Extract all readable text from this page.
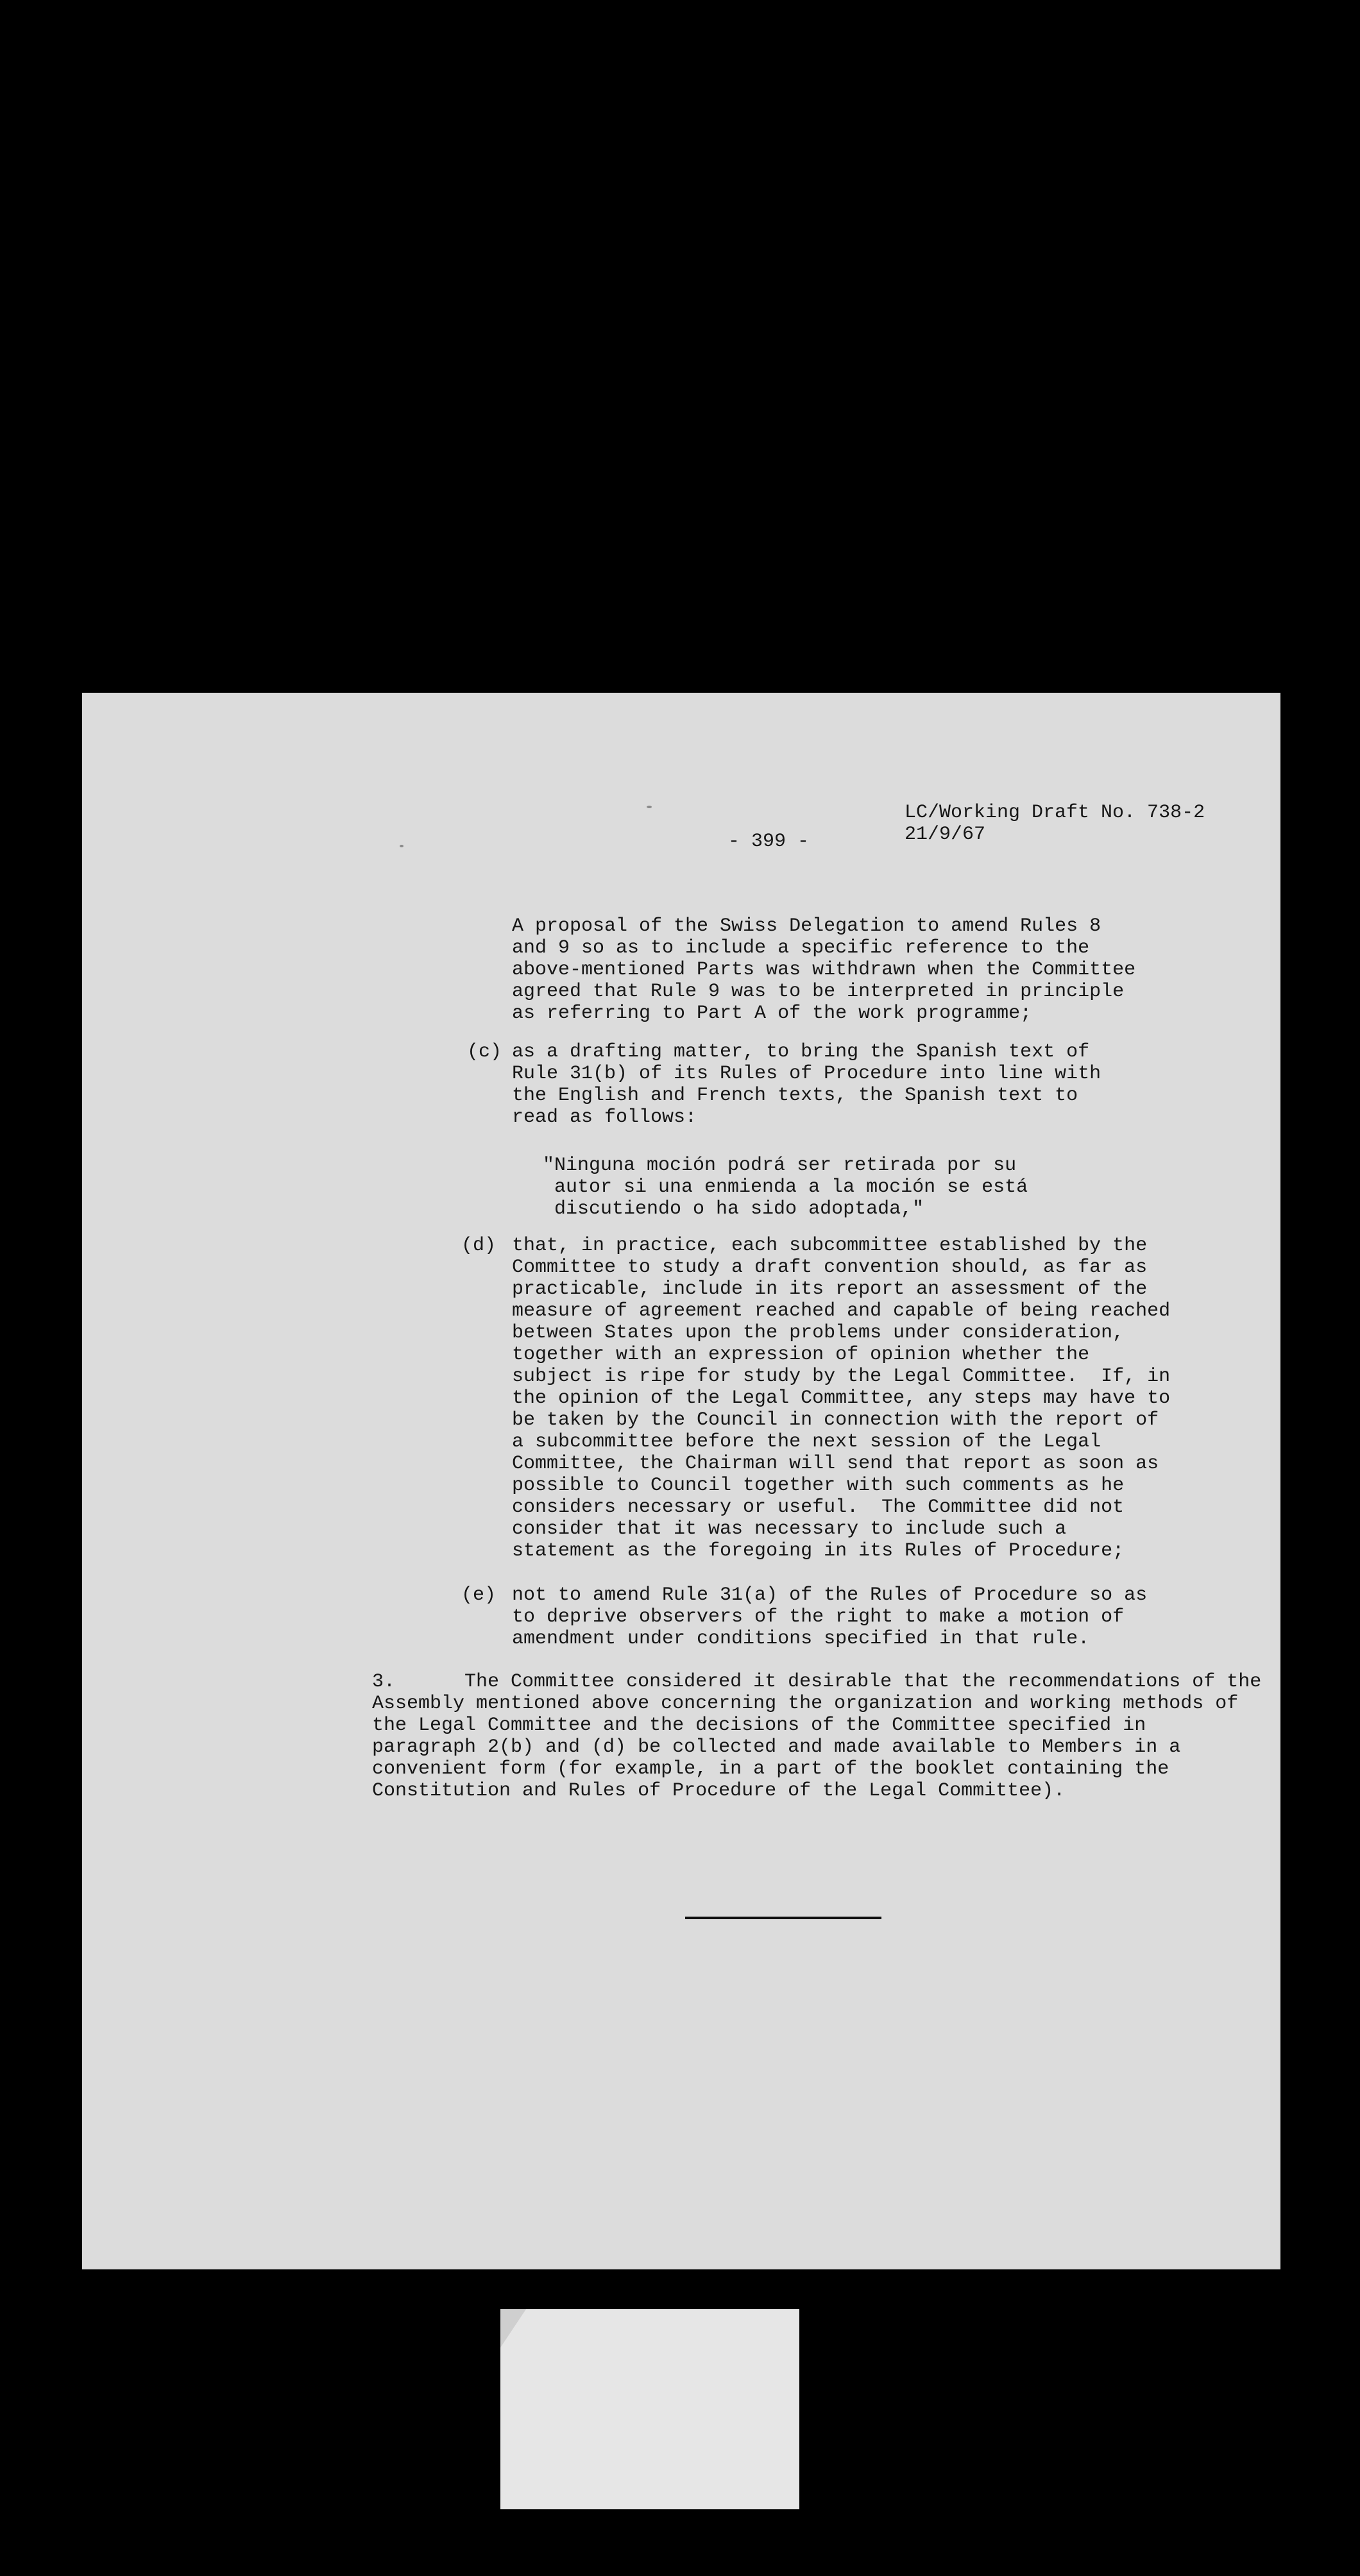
- 399 -
LC/Working Draft No. 738-2
21/9/67
A proposal of the Swiss Delegation to amend Rules 8
and 9 so as to include a specific reference to the
above-mentioned Parts was withdrawn when the Committee
agreed that Rule 9 was to be interpreted in principle
as referring to Part A of the work programme;
(c) as a drafting matter, to bring the Spanish text of
Rule 31(b) of its Rules of Procedure into line with
the English and French texts, the Spanish text to
read as follows:
"Ninguna moción podrá ser retirada por su
autor si una enmienda a la moción se está
discutiendo o ha sido adoptada,"
(d) that, in practice, each subcommittee established by the
Committee to study a draft convention should, as far as
practicable, include in its report an assessment of the
measure of agreement reached and capable of being reached
between States upon the problems under consideration,
together with an expression of opinion whether the
subject is ripe for study by the Legal Committee.  If, in
the opinion of the Legal Committee, any steps may have to
be taken by the Council in connection with the report of
a subcommittee before the next session of the Legal
Committee, the Chairman will send that report as soon as
possible to Council together with such comments as he
considers necessary or useful.  The Committee did not
consider that it was necessary to include such a
statement as the foregoing in its Rules of Procedure;
(e) not to amend Rule 31(a) of the Rules of Procedure so as
to deprive observers of the right to make a motion of
amendment under conditions specified in that rule.
3.      The Committee considered it desirable that the recommendations of the
Assembly mentioned above concerning the organization and working methods of
the Legal Committee and the decisions of the Committee specified in
paragraph 2(b) and (d) be collected and made available to Members in a
convenient form (for example, in a part of the booklet containing the
Constitution and Rules of Procedure of the Legal Committee).
